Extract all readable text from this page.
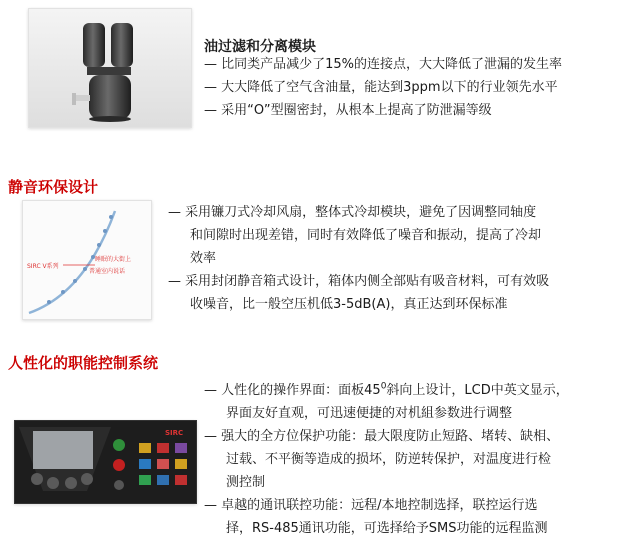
油过滤和分离模块
— 比同类产品减少了15%的连接点，大大降低了泄漏的发生率
— 大大降低了空气含油量，能达到3ppm以下的行业领先水平
— 采用“O”型圈密封，从根本上提高了防泄漏等级
静音环保设计
SIRC V系列
睡眠的大街上
普通室内说话
— 采用镰刀式冷却风扇，整体式冷却模块，避免了因调整同轴度
和间隙时出现差错，同时有效降低了噪音和振动，提高了冷却
效率
— 采用封闭静音箱式设计，箱体内侧全部贴有吸音材料，可有效吸
收噪音，比一般空压机低3-5dB(A)，真正达到环保标准
人性化的职能控制系统
SIRC
— 人性化的操作界面：面板$45^0$斜向上设计，LCD中英文显示，
界面友好直观，可迅速便捷的对机組参数进行调整
— 强大的全方位保护功能：最大限度防止短路、堵转、缺相、
过载、不平衡等造成的损坏，防逆转保护，对温度进行检
测控制
— 卓越的通讯联控功能：远程/本地控制选择，联控运行选
择，RS-485通讯功能，可选择给予SMS功能的远程监测
